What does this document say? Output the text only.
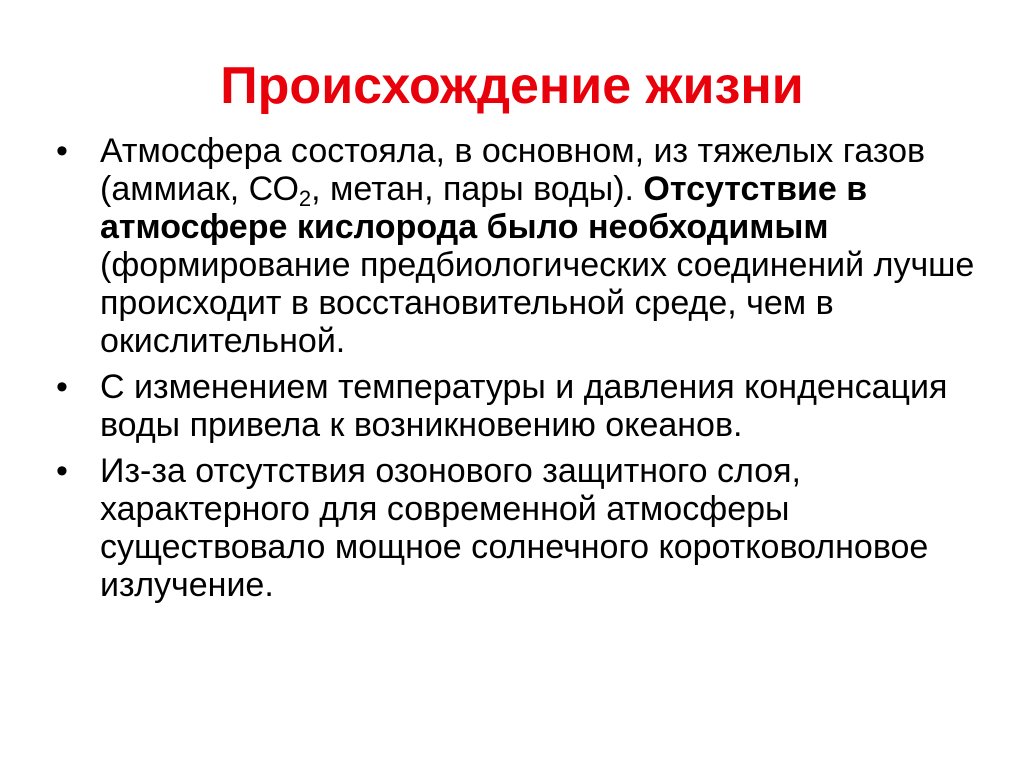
Происхождение жизни
• Атмосфера состояла, в основном, из тяжелых газов (аммиак, $СО_2$, метан, пары воды). Отсутствие в атмосфере кислорода было необходимым (формирование предбиологических соединений лучше происходит в восстановительной среде, чем в окислительной.
• С изменением температуры и давления конденсация воды привела к возникновению океанов.
• Из-за отсутствия озонового защитного слоя, характерного для современной атмосферы существовало мощное солнечного коротковолновое излучение.
